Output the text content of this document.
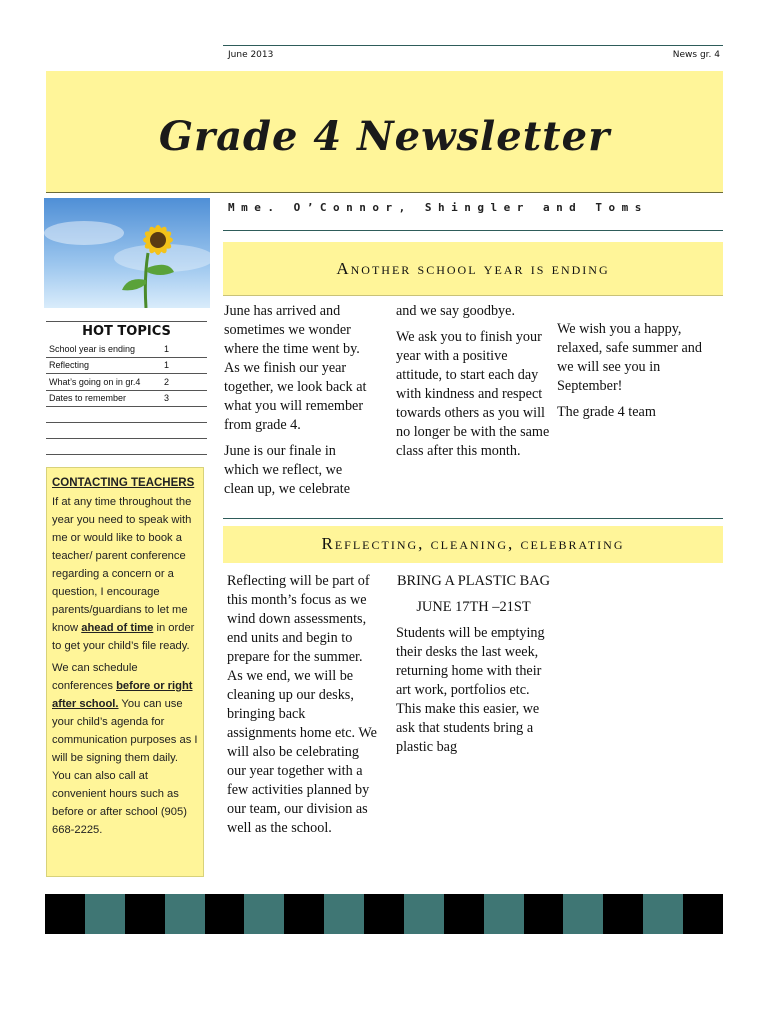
June 2013	News gr. 4
Grade 4 Newsletter
Mme. O’Connor, Shingler and Toms
HOT TOPICS
School year is ending	1
Reflecting	1
What’s going on in gr.4	2
Dates to remember	3
CONTACTING TEACHERS

If at any time throughout the year you need to speak with me or would like to book a teacher/ parent conference regarding a concern or a question, I encourage parents/guardians to let me know ahead of time in order to get your child’s file ready.

We can schedule conferences before or right after school. You can use your child’s agenda for communication purposes as I will be signing them daily. You can also call at convenient hours such as before or after school (905) 668-2225.

Another school year is ending

June has arrived and sometimes we wonder where the time went by. As we finish our year together, we look back at what you will remember from grade 4.

June is our finale in which we reflect, we clean up, we celebrate

and we say goodbye.

We ask you to finish your year with a positive attitude, to start each day with kindness and respect towards others as you will no longer be with the same class after this month.

We wish you a happy, relaxed, safe summer and we will see you in September!

The grade 4 team

Reflecting, cleaning, celebrating

Reflecting will be part of this month’s focus as we wind down assessments, end units and begin to prepare for the summer. As we end, we will be cleaning up our desks, bringing back assignments home etc. We will also be celebrating our year together with a few activities planned by our team, our division as well as the school.

BRING A PLASTIC BAG

JUNE 17TH –21ST

Students will be emptying their desks the last week, returning home with their art work, portfolios etc. This make this easier, we ask that students bring a plastic bag
